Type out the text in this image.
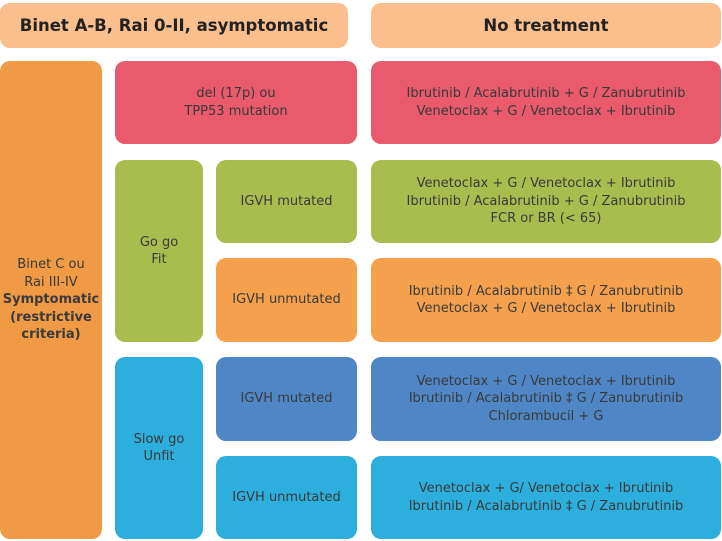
Binet A-B, Rai 0-II, asymptomatic	No treatment
Binet C ou
Rai III-IV
Symptomatic
(restrictive
criteria)
del (17p) ou
TPP53 mutation
Ibrutinib / Acalabrutinib + G / Zanubrutinib
Venetoclax + G / Venetoclax + Ibrutinib
Go go
Fit
IGVH mutated
Venetoclax + G / Venetoclax + Ibrutinib
Ibrutinib / Acalabrutinib + G / Zanubrutinib
FCR or BR (< 65)
IGVH unmutated
Ibrutinib / Acalabrutinib ‡ G / Zanubrutinib
Venetoclax + G / Venetoclax + Ibrutinib
Slow go
Unfit
IGVH mutated
Venetoclax + G / Venetoclax + Ibrutinib
Ibrutinib / Acalabrutinib ‡ G / Zanubrutinib
Chlorambucil + G
IGVH unmutated
Venetoclax + G/ Venetoclax + Ibrutinib
Ibrutinib / Acalabrutinib ‡ G / Zanubrutinib
